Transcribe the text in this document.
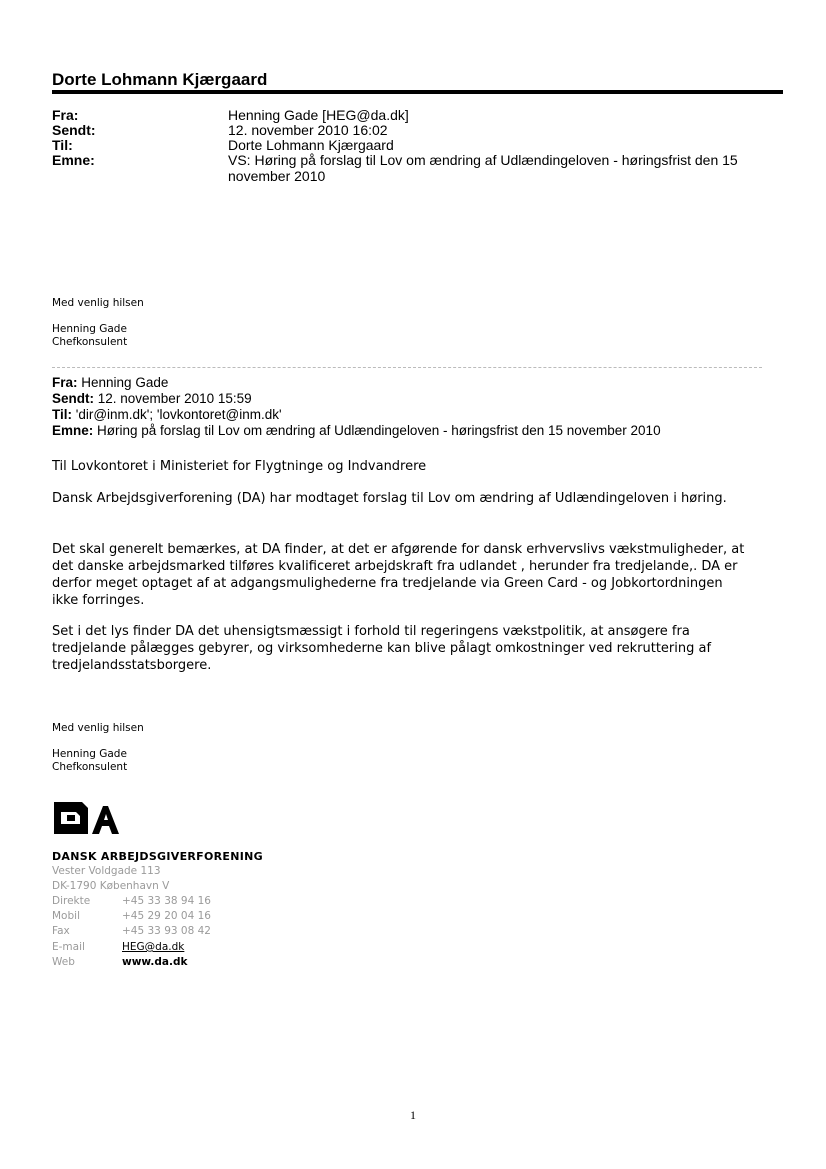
Dorte Lohmann Kjærgaard
Fra:	Henning Gade [HEG@da.dk]
Sendt:	12. november 2010 16:02
Til:	Dorte Lohmann Kjærgaard
Emne:	VS: Høring på forslag til Lov om ændring af Udlændingeloven - høringsfrist den 15 november 2010
Med venlig hilsen
Henning Gade
Chefkonsulent
Fra: Henning Gade
Sendt: 12. november 2010 15:59
Til: 'dir@inm.dk'; 'lovkontoret@inm.dk'
Emne: Høring på forslag til Lov om ændring af Udlændingeloven - høringsfrist den 15 november 2010
Til Lovkontoret i Ministeriet for Flygtninge og Indvandrere
Dansk Arbejdsgiverforening (DA) har modtaget forslag til Lov om ændring af Udlændingeloven i høring.
Det skal generelt bemærkes, at DA finder, at det er afgørende for dansk erhvervslivs vækstmuligheder, at det danske arbejdsmarked tilføres kvalificeret arbejdskraft fra udlandet , herunder fra tredjelande,. DA er derfor meget optaget af at adgangsmulighederne fra tredjelande via Green Card - og Jobkortordningen ikke forringes.
Set i det lys finder DA det uhensigtsmæssigt i forhold til regeringens vækstpolitik, at ansøgere fra tredjelande pålægges gebyrer, og virksomhederne kan blive pålagt omkostninger ved rekruttering af tredjelandsstatsborgere.
Med venlig hilsen
Henning Gade
Chefkonsulent
DANSK ARBEJDSGIVERFORENING
Vester Voldgade 113
DK-1790 København V
Direkte	+45 33 38 94 16
Mobil	+45 29 20 04 16
Fax	+45 33 93 08 42
E-mail	HEG@da.dk
Web	www.da.dk
1
